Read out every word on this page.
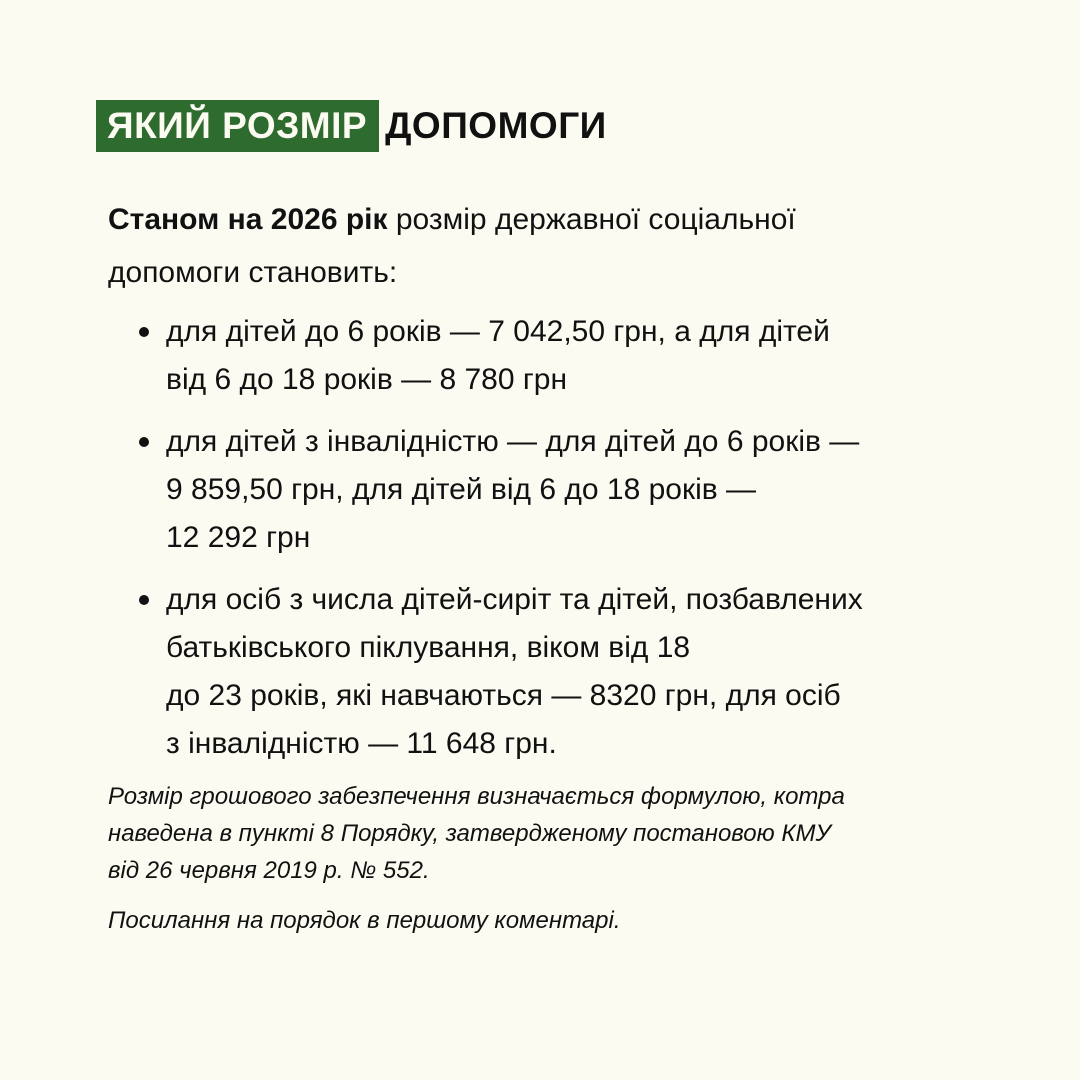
ЯКИЙ РОЗМІР ДОПОМОГИ
Станом на 2026 рік розмір державної соціальної
допомоги становить:
для дітей до 6 років — 7 042,50 грн, а для дітей
від 6 до 18 років — 8 780 грн
для дітей з інвалідністю — для дітей до 6 років —
9 859,50 грн, для дітей від 6 до 18 років —
12 292 грн
для осіб з числа дітей-сиріт та дітей, позбавлених
батьківського піклування, віком від 18
до 23 років, які навчаються — 8320 грн, для осіб
з інвалідністю — 11 648 грн.
Розмір грошового забезпечення визначається формулою, котра
наведена в пункті 8 Порядку, затвердженому постановою КМУ
від 26 червня 2019 р. № 552.
Посилання на порядок в першому коментарі.
